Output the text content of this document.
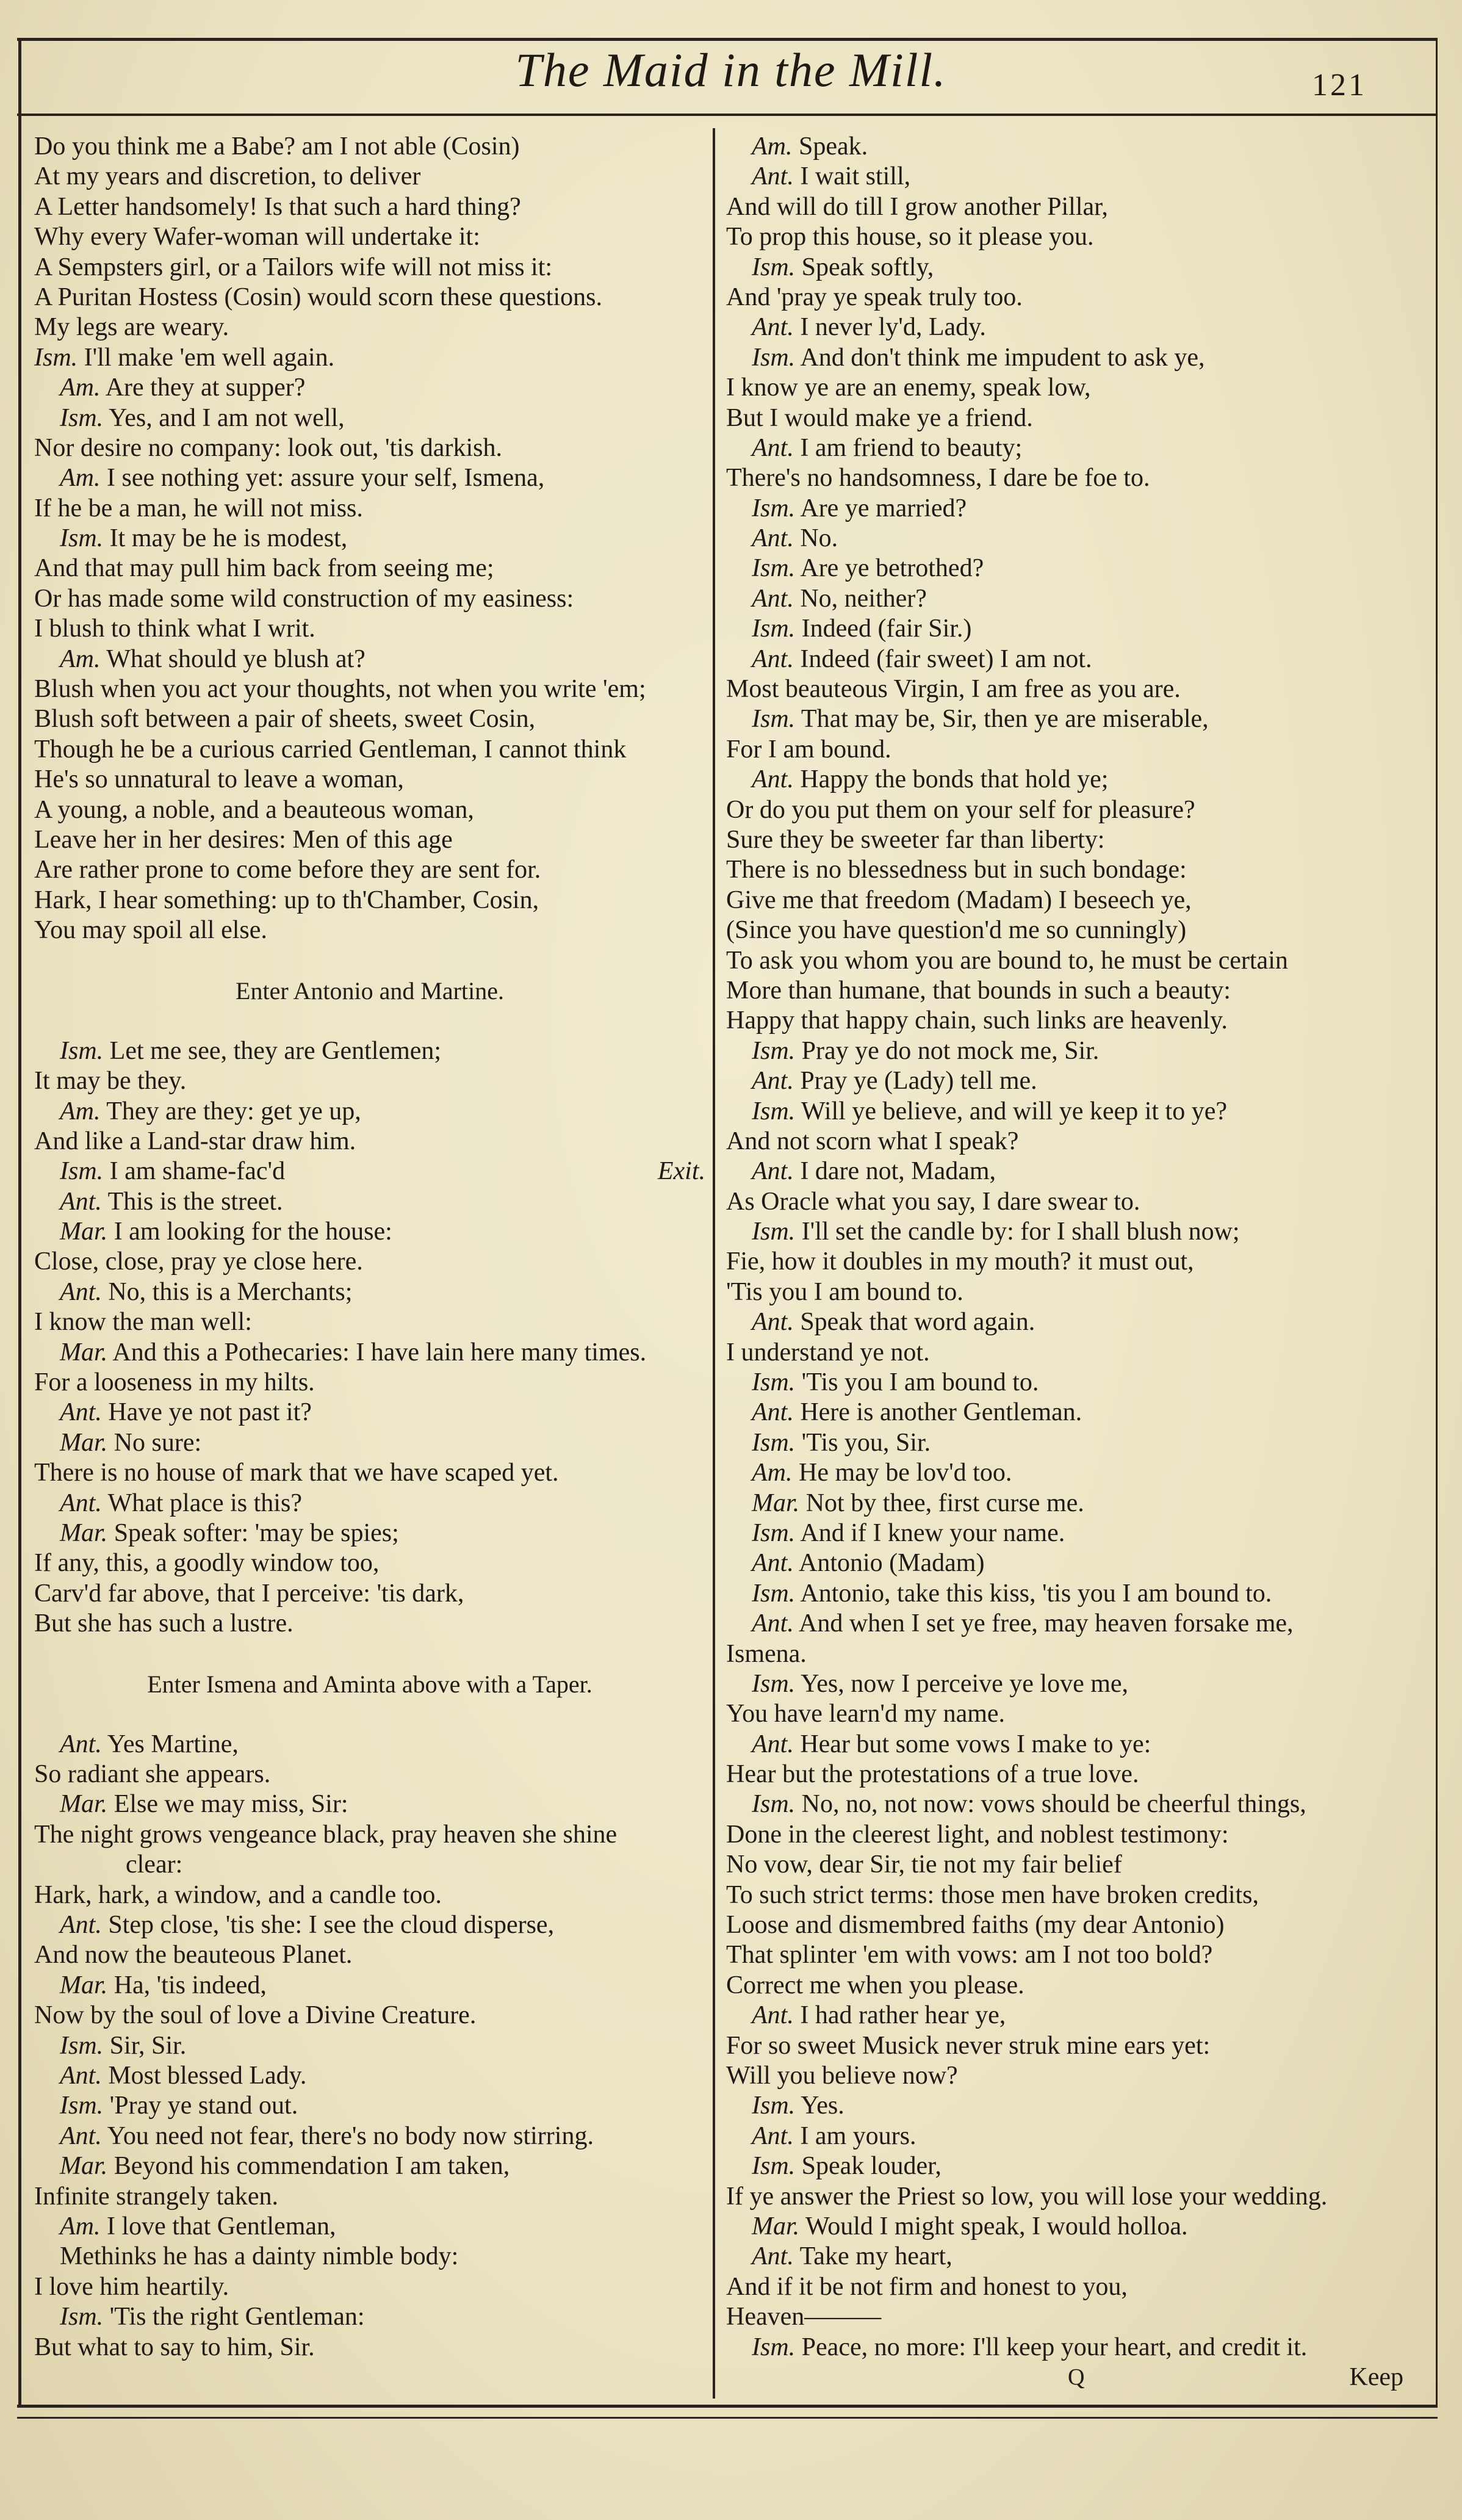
The Maid in the Mill.	121
Do you think me a Babe? am I not able (Cosin)
At my years and discretion, to deliver
A Letter handsomely! Is that such a hard thing?
Why every Wafer-woman will undertake it:
A Sempsters girl, or a Tailors wife will not miss it:
A Puritan Hostess (Cosin) would scorn these questions.
My legs are weary.
Ism. I'll make 'em well again.
Am. Are they at supper?
Ism. Yes, and I am not well,
Nor desire no company: look out, 'tis darkish.
Am. I see nothing yet: assure your self, Ismena,
If he be a man, he will not miss.
Ism. It may be he is modest,
And that may pull him back from seeing me;
Or has made some wild construction of my easiness:
I blush to think what I writ.
Am. What should ye blush at?
Blush when you act your thoughts, not when you write 'em;
Blush soft between a pair of sheets, sweet Cosin,
Though he be a curious carried Gentleman, I cannot think
He's so unnatural to leave a woman,
A young, a noble, and a beauteous woman,
Leave her in her desires: Men of this age
Are rather prone to come before they are sent for.
Hark, I hear something: up to th'Chamber, Cosin,
You may spoil all else.
Enter Antonio and Martine.
Ism. Let me see, they are Gentlemen;
It may be they.
Am. They are they: get ye up,
And like a Land-star draw him.
Ism. I am shame-fac'd	Exit.
Ant. This is the street.
Mar. I am looking for the house:
Close, close, pray ye close here.
Ant. No, this is a Merchants;
I know the man well:
Mar. And this a Pothecaries: I have lain here many times.
For a looseness in my hilts.
Ant. Have ye not past it?
Mar. No sure:
There is no house of mark that we have scaped yet.
Ant. What place is this?
Mar. Speak softer: 'may be spies;
If any, this, a goodly window too,
Carv'd far above, that I perceive: 'tis dark,
But she has such a lustre.
Enter Ismena and Aminta above with a Taper.
Ant. Yes Martine,
So radiant she appears.
Mar. Else we may miss, Sir:
The night grows vengeance black, pray heaven she shine
clear:
Hark, hark, a window, and a candle too.
Ant. Step close, 'tis she: I see the cloud disperse,
And now the beauteous Planet.
Mar. Ha, 'tis indeed,
Now by the soul of love a Divine Creature.
Ism. Sir, Sir.
Ant. Most blessed Lady.
Ism. 'Pray ye stand out.
Ant. You need not fear, there's no body now stirring.
Mar. Beyond his commendation I am taken,
Infinite strangely taken.
Am. I love that Gentleman,
Methinks he has a dainty nimble body:
I love him heartily.
Ism. 'Tis the right Gentleman:
But what to say to him, Sir.
Am. Speak.
Ant. I wait still,
And will do till I grow another Pillar,
To prop this house, so it please you.
Ism. Speak softly,
And 'pray ye speak truly too.
Ant. I never ly'd, Lady.
Ism. And don't think me impudent to ask ye,
I know ye are an enemy, speak low,
But I would make ye a friend.
Ant. I am friend to beauty;
There's no handsomness, I dare be foe to.
Ism. Are ye married?
Ant. No.
Ism. Are ye betrothed?
Ant. No, neither?
Ism. Indeed (fair Sir.)
Ant. Indeed (fair sweet) I am not.
Most beauteous Virgin, I am free as you are.
Ism. That may be, Sir, then ye are miserable,
For I am bound.
Ant. Happy the bonds that hold ye;
Or do you put them on your self for pleasure?
Sure they be sweeter far than liberty:
There is no blessedness but in such bondage:
Give me that freedom (Madam) I beseech ye,
(Since you have question'd me so cunningly)
To ask you whom you are bound to, he must be certain
More than humane, that bounds in such a beauty:
Happy that happy chain, such links are heavenly.
Ism. Pray ye do not mock me, Sir.
Ant. Pray ye (Lady) tell me.
Ism. Will ye believe, and will ye keep it to ye?
And not scorn what I speak?
Ant. I dare not, Madam,
As Oracle what you say, I dare swear to.
Ism. I'll set the candle by: for I shall blush now;
Fie, how it doubles in my mouth? it must out,
'Tis you I am bound to.
Ant. Speak that word again.
I understand ye not.
Ism. 'Tis you I am bound to.
Ant. Here is another Gentleman.
Ism. 'Tis you, Sir.
Am. He may be lov'd too.
Mar. Not by thee, first curse me.
Ism. And if I knew your name.
Ant. Antonio (Madam)
Ism. Antonio, take this kiss, 'tis you I am bound to.
Ant. And when I set ye free, may heaven forsake me,
Ismena.
Ism. Yes, now I perceive ye love me,
You have learn'd my name.
Ant. Hear but some vows I make to ye:
Hear but the protestations of a true love.
Ism. No, no, not now: vows should be cheerful things,
Done in the cleerest light, and noblest testimony:
No vow, dear Sir, tie not my fair belief
To such strict terms: those men have broken credits,
Loose and dismembred faiths (my dear Antonio)
That splinter 'em with vows: am I not too bold?
Correct me when you please.
Ant. I had rather hear ye,
For so sweet Musick never struk mine ears yet:
Will you believe now?
Ism. Yes.
Ant. I am yours.
Ism. Speak louder,
If ye answer the Priest so low, you will lose your wedding.
Mar. Would I might speak, I would holloa.
Ant. Take my heart,
And if it be not firm and honest to you,
Heaven———
Ism. Peace, no more: I'll keep your heart, and credit it.
Q	Keep
